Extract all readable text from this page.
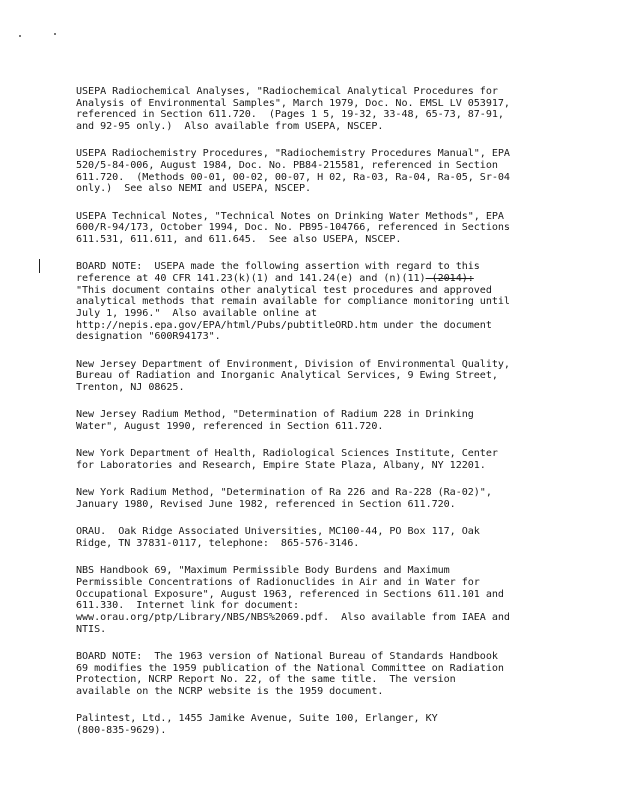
USEPA Radiochemical Analyses, "Radiochemical Analytical Procedures for
Analysis of Environmental Samples", March 1979, Doc. No. EMSL LV 053917,
referenced in Section 611.720.  (Pages 1 5, 19-32, 33-48, 65-73, 87-91,
and 92-95 only.)  Also available from USEPA, NSCEP.
USEPA Radiochemistry Procedures, "Radiochemistry Procedures Manual", EPA
520/5-84-006, August 1984, Doc. No. PB84-215581, referenced in Section
611.720.  (Methods 00-01, 00-02, 00-07, H 02, Ra-03, Ra-04, Ra-05, Sr-04
only.)  See also NEMI and USEPA, NSCEP.
USEPA Technical Notes, "Technical Notes on Drinking Water Methods", EPA
600/R-94/173, October 1994, Doc. No. PB95-104766, referenced in Sections
611.531, 611.611, and 611.645.  See also USEPA, NSCEP.
BOARD NOTE:  USEPA made the following assertion with regard to this
reference at 40 CFR 141.23(k)(1) and 141.24(e) and (n)(11) (2014):
"This document contains other analytical test procedures and approved
analytical methods that remain available for compliance monitoring until
July 1, 1996."  Also available online at
http://nepis.epa.gov/EPA/html/Pubs/pubtitleORD.htm under the document
designation "600R94173".
New Jersey Department of Environment, Division of Environmental Quality,
Bureau of Radiation and Inorganic Analytical Services, 9 Ewing Street,
Trenton, NJ 08625.
New Jersey Radium Method, "Determination of Radium 228 in Drinking
Water", August 1990, referenced in Section 611.720.
New York Department of Health, Radiological Sciences Institute, Center
for Laboratories and Research, Empire State Plaza, Albany, NY 12201.
New York Radium Method, "Determination of Ra 226 and Ra-228 (Ra-02)",
January 1980, Revised June 1982, referenced in Section 611.720.
ORAU.  Oak Ridge Associated Universities, MC100-44, PO Box 117, Oak
Ridge, TN 37831-0117, telephone:  865-576-3146.
NBS Handbook 69, "Maximum Permissible Body Burdens and Maximum
Permissible Concentrations of Radionuclides in Air and in Water for
Occupational Exposure", August 1963, referenced in Sections 611.101 and
611.330.  Internet link for document:
www.orau.org/ptp/Library/NBS/NBS%2069.pdf.  Also available from IAEA and
NTIS.
BOARD NOTE:  The 1963 version of National Bureau of Standards Handbook
69 modifies the 1959 publication of the National Committee on Radiation
Protection, NCRP Report No. 22, of the same title.  The version
available on the NCRP website is the 1959 document.
Palintest, Ltd., 1455 Jamike Avenue, Suite 100, Erlanger, KY
(800-835-9629).
